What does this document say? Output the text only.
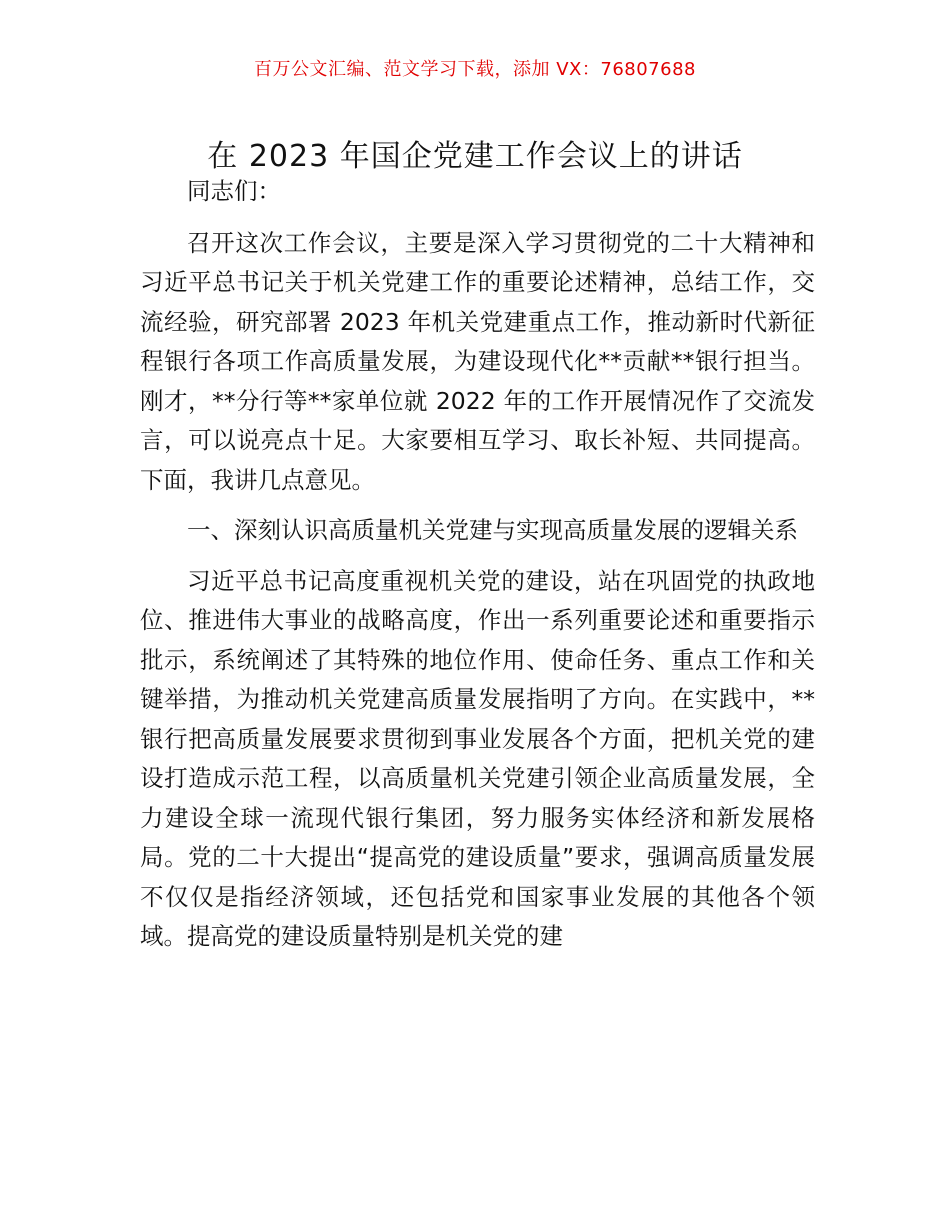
百万公文汇编、范文学习下载，添加 VX：76807688
在 2023 年国企党建工作会议上的讲话

同志们：

召开这次工作会议，主要是深入学习贯彻党的二十大精神和习近平总书记关于机关党建工作的重要论述精神，总结工作，交流经验，研究部署 2023 年机关党建重点工作，推动新时代新征程银行各项工作高质量发展，为建设现代化**贡献**银行担当。刚才，**分行等**家单位就 2022 年的工作开展情况作了交流发言，可以说亮点十足。大家要相互学习、取长补短、共同提高。下面，我讲几点意见。

一、深刻认识高质量机关党建与实现高质量发展的逻辑关系

习近平总书记高度重视机关党的建设，站在巩固党的执政地位、推进伟大事业的战略高度，作出一系列重要论述和重要指示批示，系统阐述了其特殊的地位作用、使命任务、重点工作和关键举措，为推动机关党建高质量发展指明了方向。在实践中，**银行把高质量发展要求贯彻到事业发展各个方面，把机关党的建设打造成示范工程，以高质量机关党建引领企业高质量发展，全力建设全球一流现代银行集团，努力服务实体经济和新发展格局。党的二十大提出“提高党的建设质量”要求，强调高质量发展不仅仅是指经济领域，还包括党和国家事业发展的其他各个领域。提高党的建设质量特别是机关党的建
